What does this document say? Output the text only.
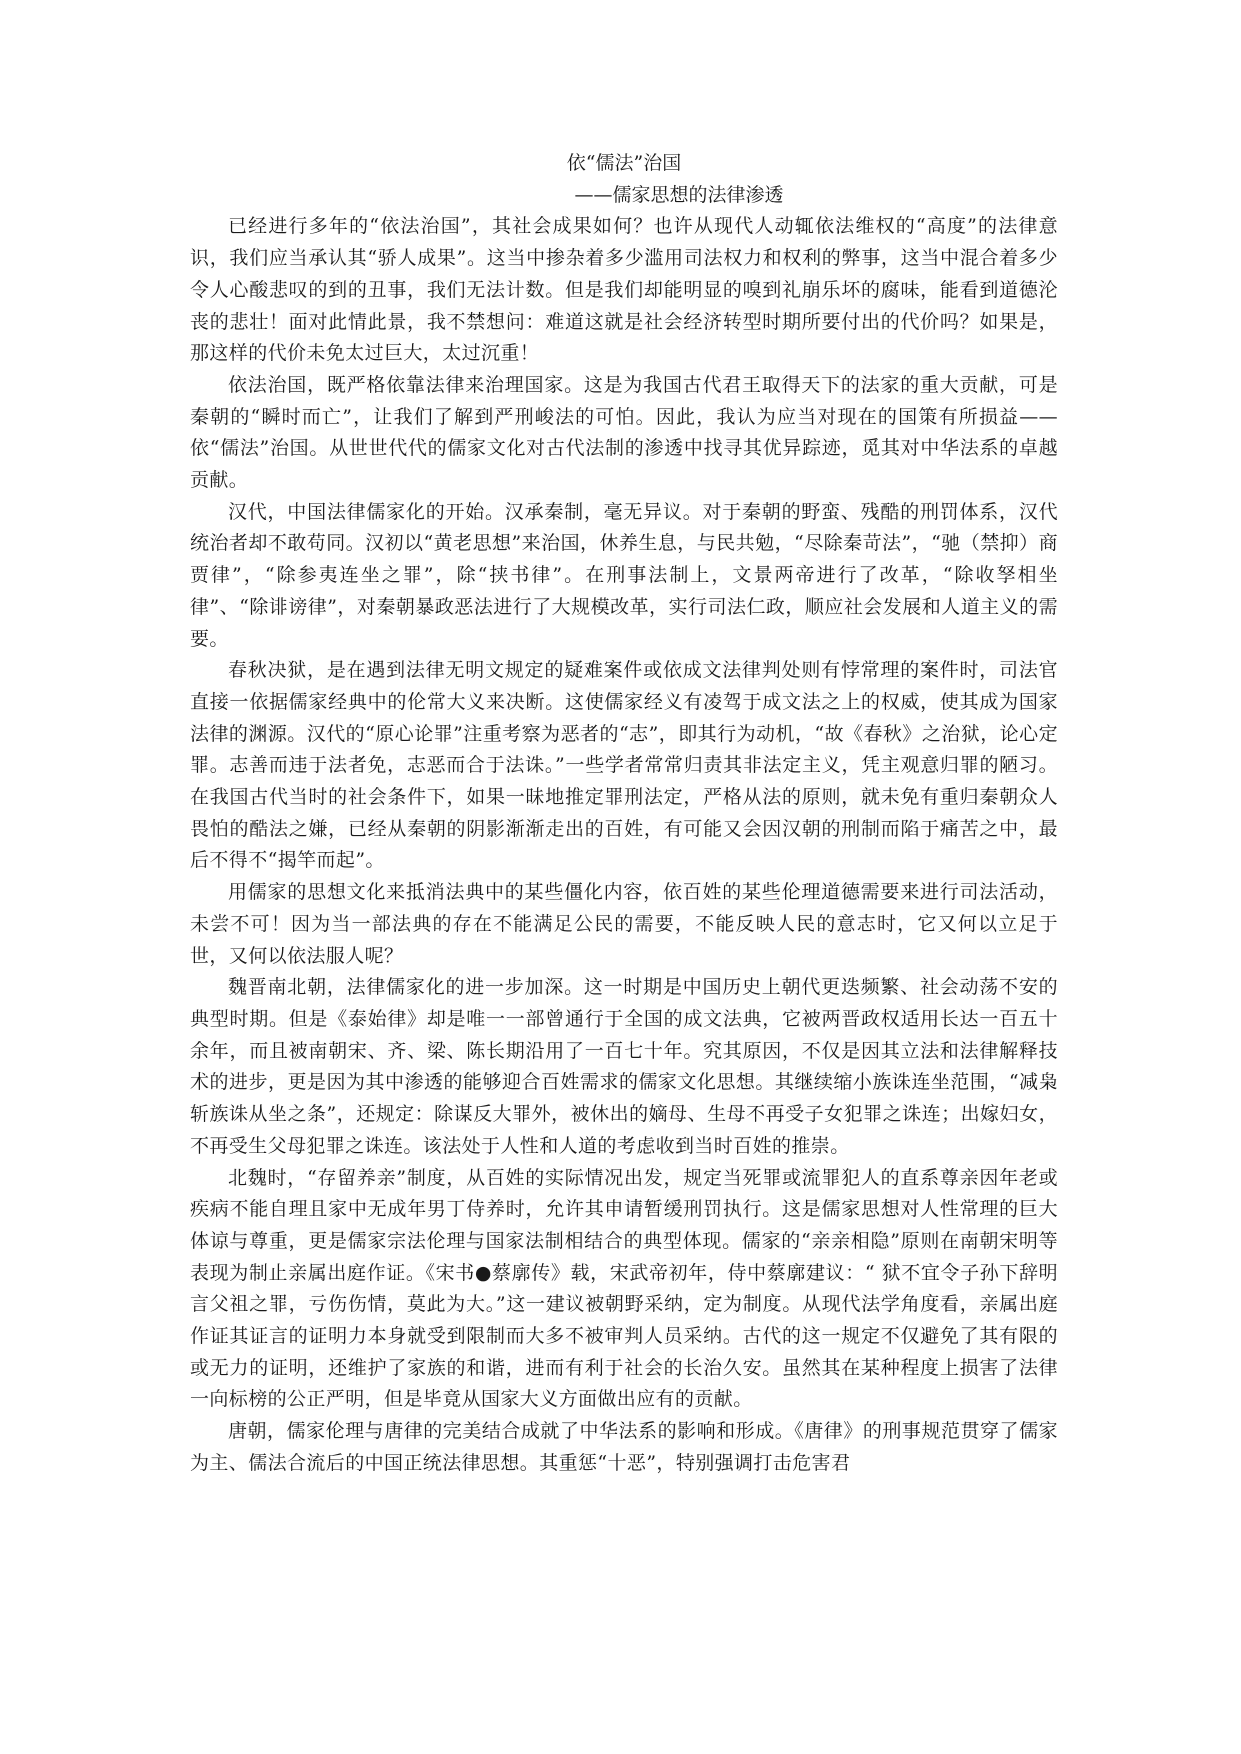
依“儒法”治国
——儒家思想的法律渗透

已经进行多年的“依法治国”，其社会成果如何？也许从现代人动辄依法维权的“高度”的法律意识，我们应当承认其“骄人成果”。这当中掺杂着多少滥用司法权力和权利的弊事，这当中混合着多少令人心酸悲叹的到的丑事，我们无法计数。但是我们却能明显的嗅到礼崩乐坏的腐味，能看到道德沦丧的悲壮！面对此情此景，我不禁想问：难道这就是社会经济转型时期所要付出的代价吗？如果是，那这样的代价未免太过巨大，太过沉重！

依法治国，既严格依靠法律来治理国家。这是为我国古代君王取得天下的法家的重大贡献，可是秦朝的“瞬时而亡”，让我们了解到严刑峻法的可怕。因此，我认为应当对现在的国策有所损益——依“儒法”治国。从世世代代的儒家文化对古代法制的渗透中找寻其优异踪迹，觅其对中华法系的卓越贡献。

汉代，中国法律儒家化的开始。汉承秦制，毫无异议。对于秦朝的野蛮、残酷的刑罚体系，汉代统治者却不敢苟同。汉初以“黄老思想”来治国，休养生息，与民共勉，“尽除秦苛法”，“驰（禁抑）商贾律”，“除参夷连坐之罪”，除“挟书律”。在刑事法制上，文景两帝进行了改革，“除收孥相坐律”、“除诽谤律”，对秦朝暴政恶法进行了大规模改革，实行司法仁政，顺应社会发展和人道主义的需要。

春秋决狱，是在遇到法律无明文规定的疑难案件或依成文法律判处则有悖常理的案件时，司法官直接一依据儒家经典中的伦常大义来决断。这使儒家经义有凌驾于成文法之上的权威，使其成为国家法律的渊源。汉代的“原心论罪”注重考察为恶者的“志”，即其行为动机，“故《春秋》之治狱，论心定罪。志善而违于法者免，志恶而合于法诛。”一些学者常常归责其非法定主义，凭主观意归罪的陋习。在我国古代当时的社会条件下，如果一昧地推定罪刑法定，严格从法的原则，就未免有重归秦朝众人畏怕的酷法之嫌，已经从秦朝的阴影渐渐走出的百姓，有可能又会因汉朝的刑制而陷于痛苦之中，最后不得不“揭竿而起”。

用儒家的思想文化来抵消法典中的某些僵化内容，依百姓的某些伦理道德需要来进行司法活动，未尝不可！因为当一部法典的存在不能满足公民的需要，不能反映人民的意志时，它又何以立足于世，又何以依法服人呢？

魏晋南北朝，法律儒家化的进一步加深。这一时期是中国历史上朝代更迭频繁、社会动荡不安的典型时期。但是《泰始律》却是唯一一部曾通行于全国的成文法典，它被两晋政权适用长达一百五十余年，而且被南朝宋、齐、梁、陈长期沿用了一百七十年。究其原因，不仅是因其立法和法律解释技术的进步，更是因为其中渗透的能够迎合百姓需求的儒家文化思想。其继续缩小族诛连坐范围，“减枭斩族诛从坐之条”，还规定：除谋反大罪外，被休出的嫡母、生母不再受子女犯罪之诛连；出嫁妇女，不再受生父母犯罪之诛连。该法处于人性和人道的考虑收到当时百姓的推崇。

北魏时，“存留养亲”制度，从百姓的实际情况出发，规定当死罪或流罪犯人的直系尊亲因年老或疾病不能自理且家中无成年男丁侍养时，允许其申请暂缓刑罚执行。这是儒家思想对人性常理的巨大体谅与尊重，更是儒家宗法伦理与国家法制相结合的典型体现。儒家的“亲亲相隐”原则在南朝宋明等表现为制止亲属出庭作证。《宋书●蔡廓传》载，宋武帝初年，侍中蔡廓建议：“ 狱不宜令子孙下辞明言父祖之罪，亏伤伤情，莫此为大。”这一建议被朝野采纳，定为制度。从现代法学角度看，亲属出庭作证其证言的证明力本身就受到限制而大多不被审判人员采纳。古代的这一规定不仅避免了其有限的或无力的证明，还维护了家族的和谐，进而有利于社会的长治久安。虽然其在某种程度上损害了法律一向标榜的公正严明，但是毕竟从国家大义方面做出应有的贡献。

唐朝，儒家伦理与唐律的完美结合成就了中华法系的影响和形成。《唐律》的刑事规范贯穿了儒家为主、儒法合流后的中国正统法律思想。其重惩“十恶”，特别强调打击危害君
